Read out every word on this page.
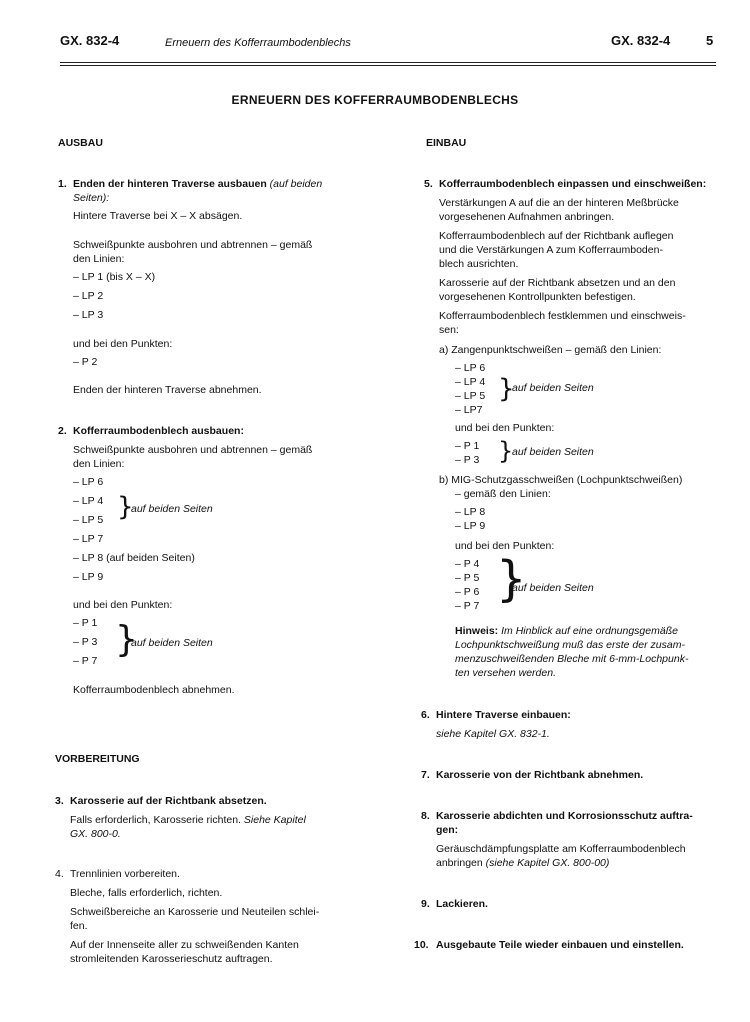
GX. 832-4	Erneuern des Kofferraumbodenblechs	GX. 832-4	5
ERNEUERN DES KOFFERRAUMBODENBLECHS
AUSBAU
1. Enden der hinteren Traverse ausbauen (auf beiden
Seiten):
Hintere Traverse bei X – X absägen.
Schweißpunkte ausbohren und abtrennen – gemäß
den Linien:
– LP 1 (bis X – X)
– LP 2
– LP 3
und bei den Punkten:
– P 2
Enden der hinteren Traverse abnehmen.
2. Kofferraumbodenblech ausbauen:
Schweißpunkte ausbohren und abtrennen – gemäß
den Linien:
– LP 6
– LP 4
– LP 5 }
auf beiden Seiten
– LP 7
– LP 8 (auf beiden Seiten)
– LP 9
und bei den Punkten:
– P 1
– P 3
– P 7
}
auf beiden Seiten
Kofferraumbodenblech abnehmen.
VORBEREITUNG
3. Karosserie auf der Richtbank absetzen.
Falls erforderlich, Karosserie richten. Siehe Kapitel
GX. 800-0.
4. Trennlinien vorbereiten.
Bleche, falls erforderlich, richten.
Schweißbereiche an Karosserie und Neuteilen schlei-
fen.
Auf der Innenseite aller zu schweißenden Kanten
stromleitenden Karosserieschutz auftragen.
EINBAU
5. Kofferraumbodenblech einpassen und einschweißen:
Verstärkungen A auf die an der hinteren Meßbrücke
vorgesehenen Aufnahmen anbringen.
Kofferraumbodenblech auf der Richtbank auflegen
und die Verstärkungen A zum Kofferraumboden-
blech ausrichten.
Karosserie auf der Richtbank absetzen und an den
vorgesehenen Kontrollpunkten befestigen.
Kofferraumbodenblech festklemmen und einschweis-
sen:
a) Zangenpunktschweißen – gemäß den Linien:
– LP 6
– LP 4
– LP 5
– LP7
}
auf beiden Seiten
und bei den Punkten:
– P 1
– P 3 }
auf beiden Seiten
b) MIG-Schutzgasschweißen (Lochpunktschweißen)
– gemäß den Linien:
– LP 8
– LP 9
und bei den Punkten:
– P 4
– P 5
– P 6
– P 7 }
auf beiden Seiten
Hinweis: Im Hinblick auf eine ordnungsgemäße
Lochpunktschweißung muß das erste der zusam-
menzuschweißenden Bleche mit 6-mm-Lochpunk-
ten versehen werden.
6. Hintere Traverse einbauen:
siehe Kapitel GX. 832-1.
7. Karosserie von der Richtbank abnehmen.
8. Karosserie abdichten und Korrosionsschutz auftra-
gen:
Geräuschdämpfungsplatte am Kofferraumbodenblech
anbringen (siehe Kapitel GX. 800-00)
9. Lackieren.
10. Ausgebaute Teile wieder einbauen und einstellen.
